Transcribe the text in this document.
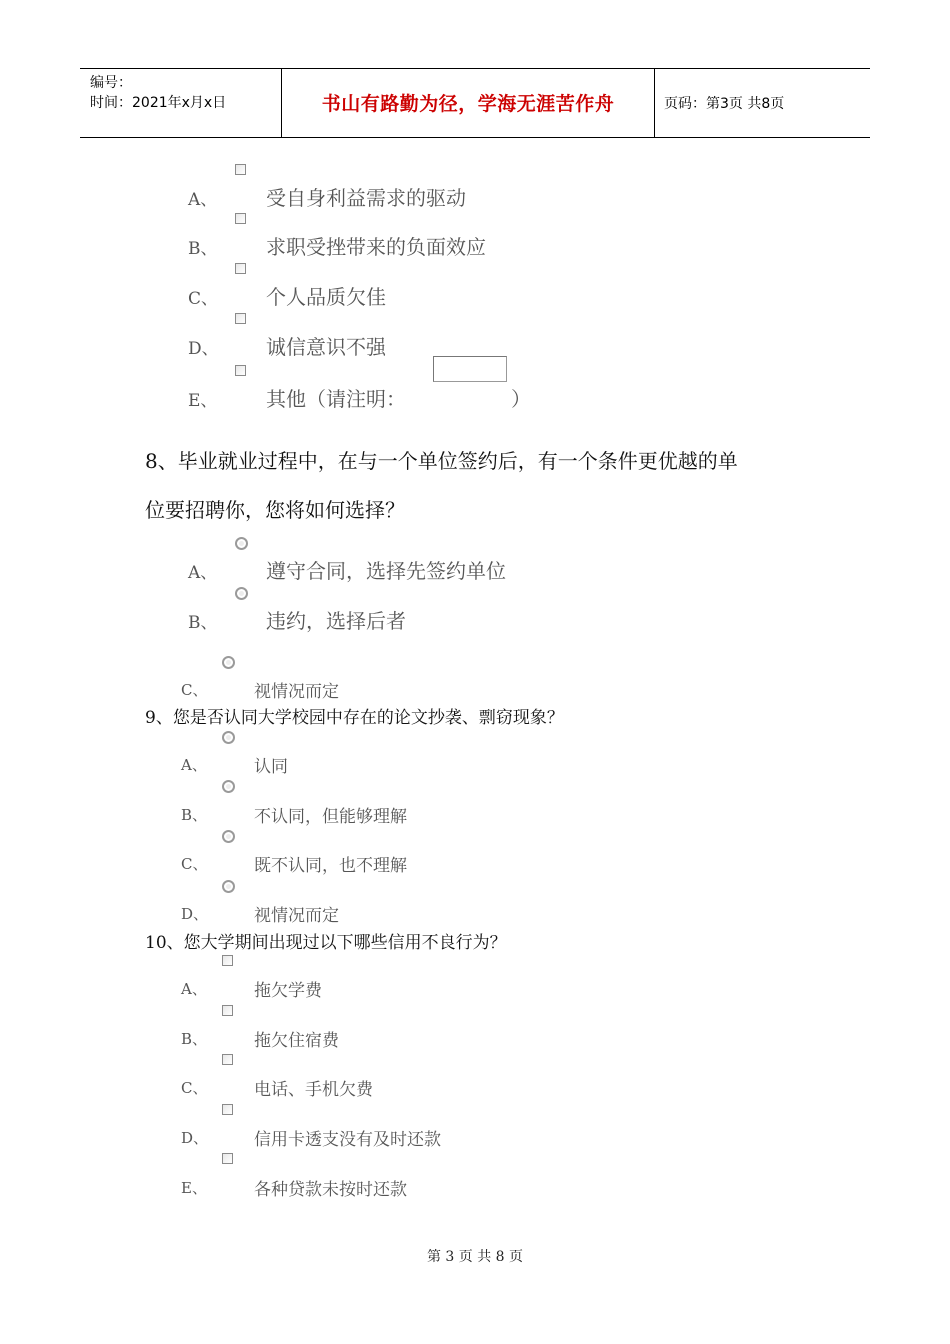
编号：
时间：2021年x月x日	书山有路勤为径，学海无涯苦作舟	页码：第3页 共8页
A、 受自身利益需求的驱动
B、 求职受挫带来的负面效应
C、 个人品质欠佳
D、 诚信意识不强
E、 其他（请注明：	）
8、毕业就业过程中，在与一个单位签约后，有一个条件更优越的单
位要招聘你，您将如何选择？
A、 遵守合同，选择先签约单位
B、 违约，选择后者
C、	视情况而定
9、您是否认同大学校园中存在的论文抄袭、剽窃现象？
A、	认同
B、	不认同，但能够理解
C、	既不认同，也不理解
D、	视情况而定
10、您大学期间出现过以下哪些信用不良行为？
A、	拖欠学费
B、	拖欠住宿费
C、	电话、手机欠费
D、	信用卡透支没有及时还款
E、	各种贷款未按时还款
第 3 页 共 8 页
